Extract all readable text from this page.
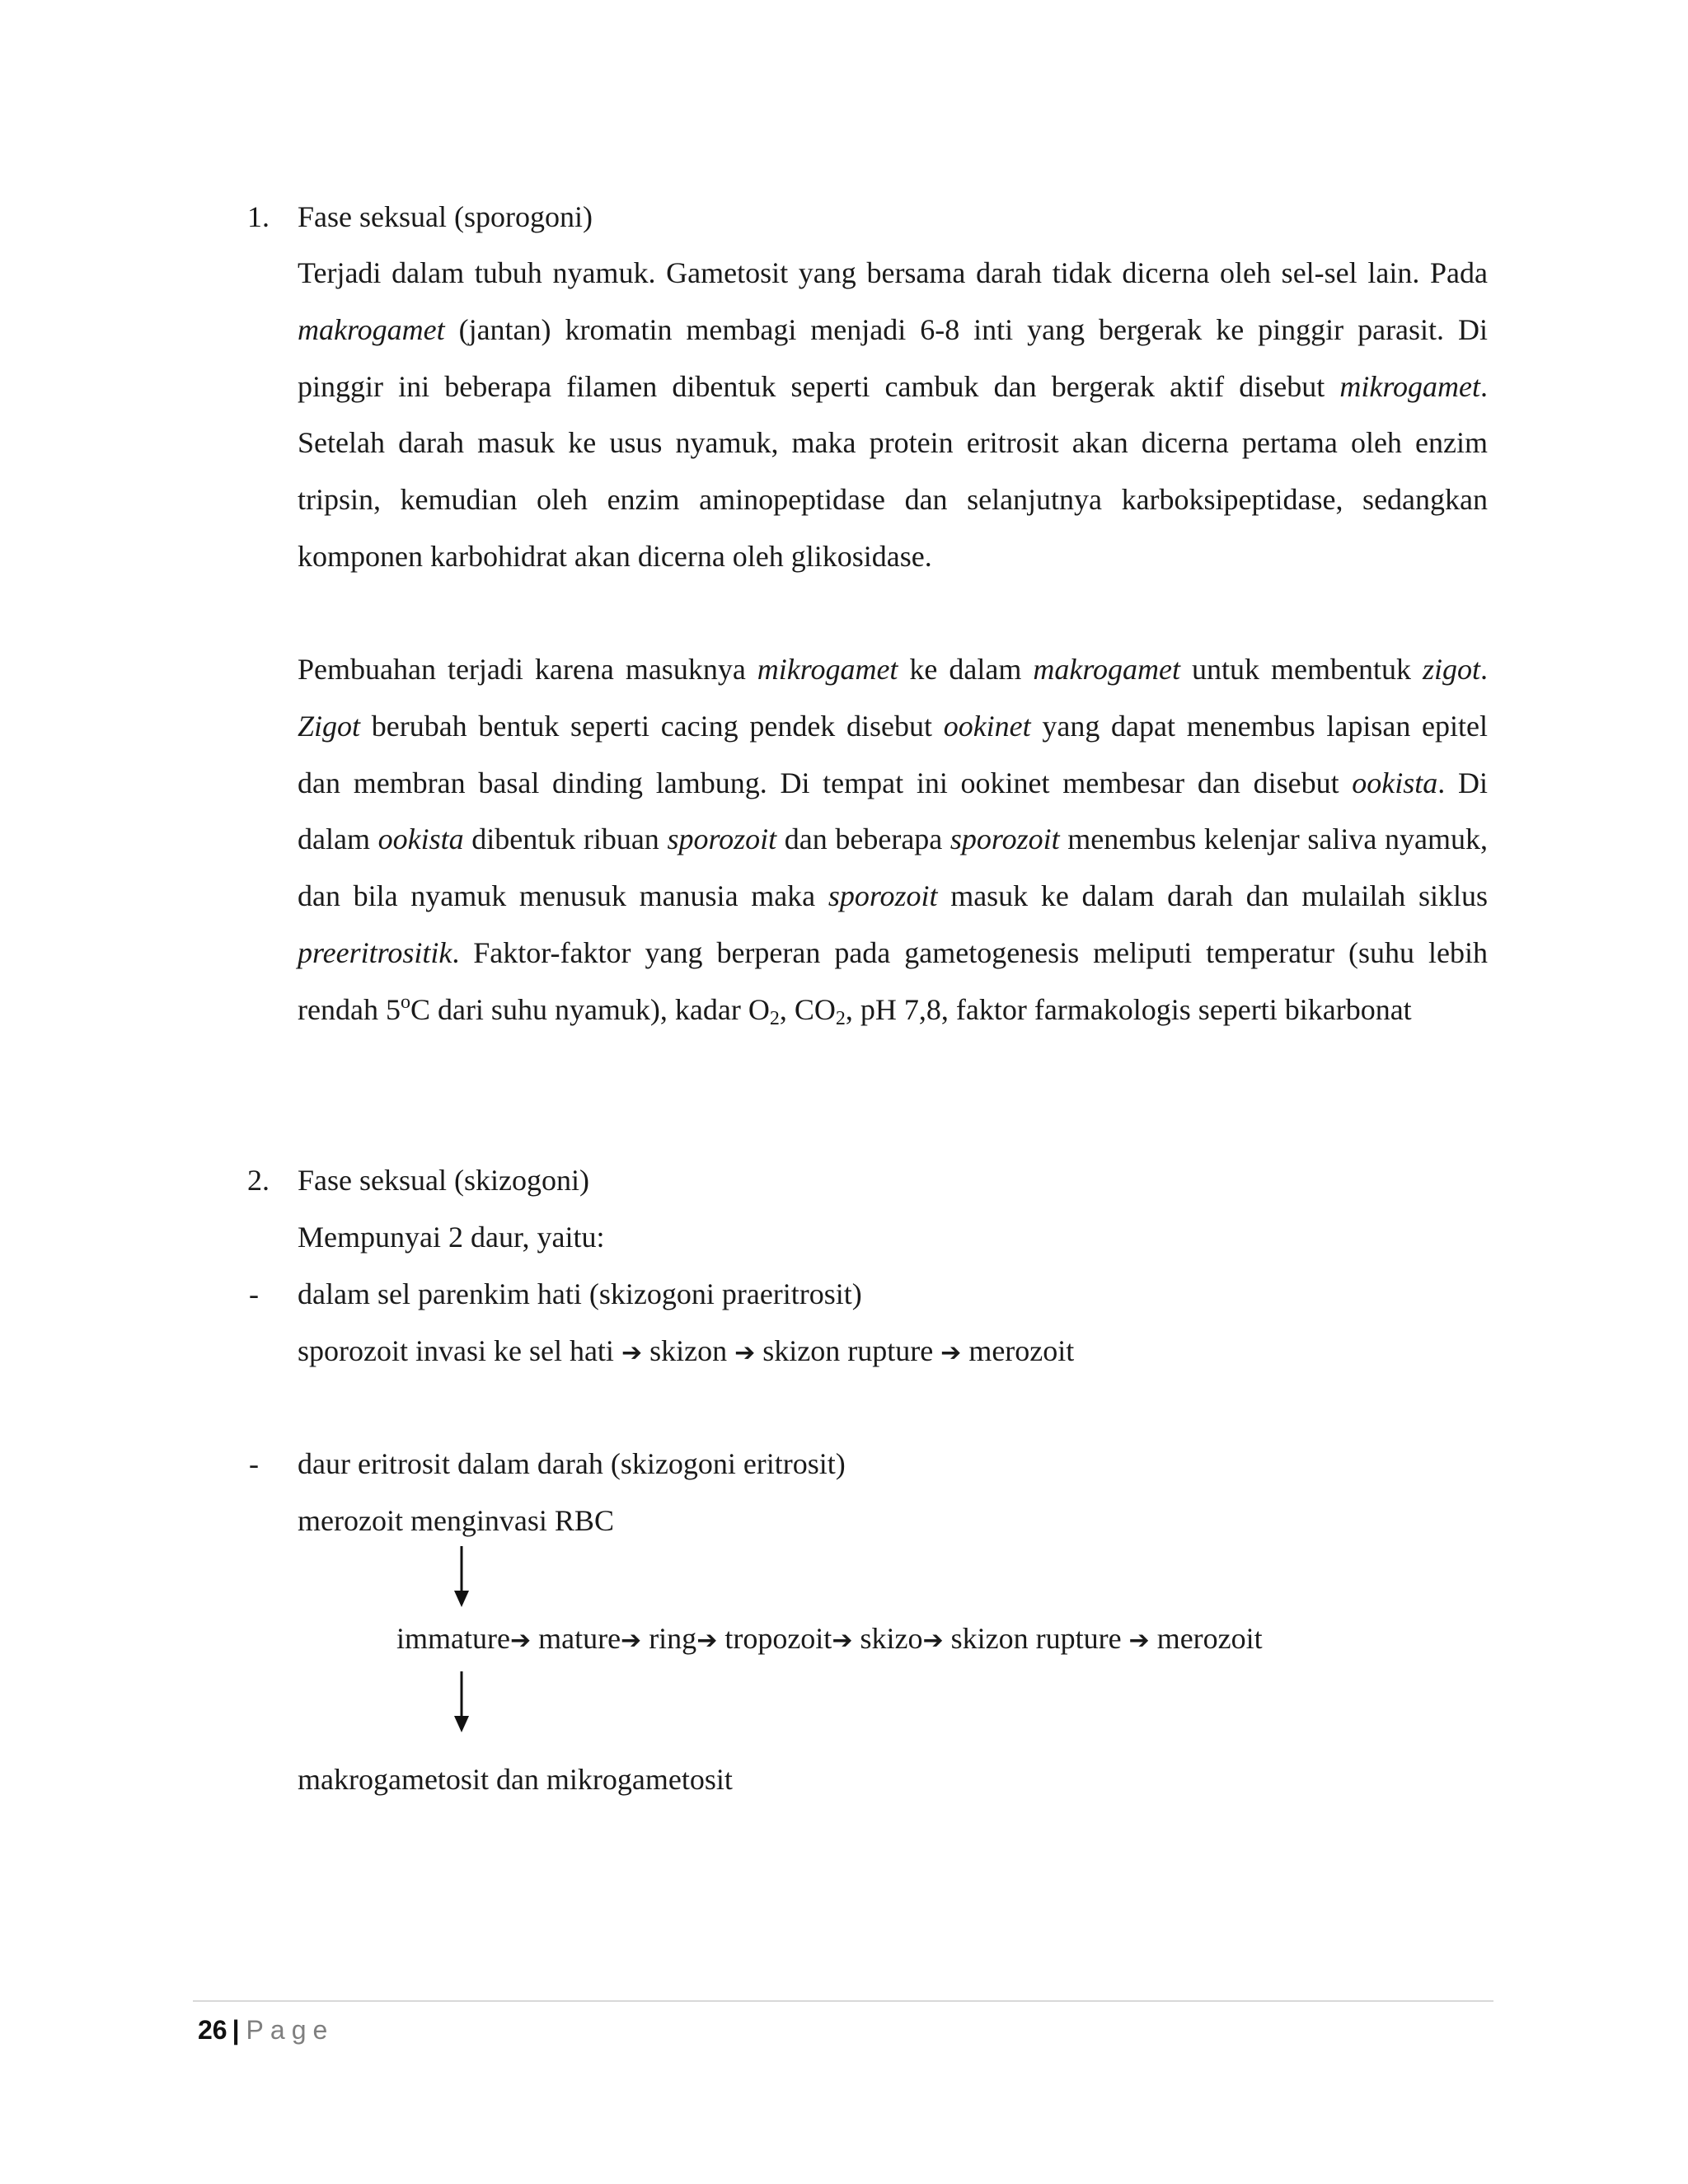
1. Fase seksual (sporogoni)

Terjadi dalam tubuh nyamuk. Gametosit yang bersama darah tidak dicerna oleh sel-sel lain. Pada makrogamet (jantan) kromatin membagi menjadi 6-8 inti yang bergerak ke pinggir parasit. Di pinggir ini beberapa filamen dibentuk seperti cambuk dan bergerak aktif disebut mikrogamet. Setelah darah masuk ke usus nyamuk, maka protein eritrosit akan dicerna pertama oleh enzim tripsin, kemudian oleh enzim aminopeptidase dan selanjutnya karboksipeptidase, sedangkan komponen karbohidrat akan dicerna oleh glikosidase.

Pembuahan terjadi karena masuknya mikrogamet ke dalam makrogamet untuk membentuk zigot. Zigot berubah bentuk seperti cacing pendek disebut ookinet yang dapat menembus lapisan epitel dan membran basal dinding lambung. Di tempat ini ookinet membesar dan disebut ookista. Di dalam ookista dibentuk ribuan sporozoit dan beberapa sporozoit menembus kelenjar saliva nyamuk, dan bila nyamuk menusuk manusia maka sporozoit masuk ke dalam darah dan mulailah siklus preeritrositik. Faktor-faktor yang berperan pada gametogenesis meliputi temperatur (suhu lebih rendah 5$^o$C dari suhu nyamuk), kadar $O_2$, $CO_2$, pH 7,8, faktor farmakologis seperti bikarbonat

2. Fase seksual (skizogoni)
Mempunyai 2 daur, yaitu:
- dalam sel parenkim hati (skizogoni praeritrosit)
sporozoit invasi ke sel hati ➔ skizon ➔ skizon rupture ➔ merozoit
- daur eritrosit dalam darah (skizogoni eritrosit)
merozoit menginvasi RBC
immature➔ mature➔ ring➔ tropozoit➔ skizo➔ skizon rupture ➔ merozoit
makrogametosit dan mikrogametosit
26 | Page
